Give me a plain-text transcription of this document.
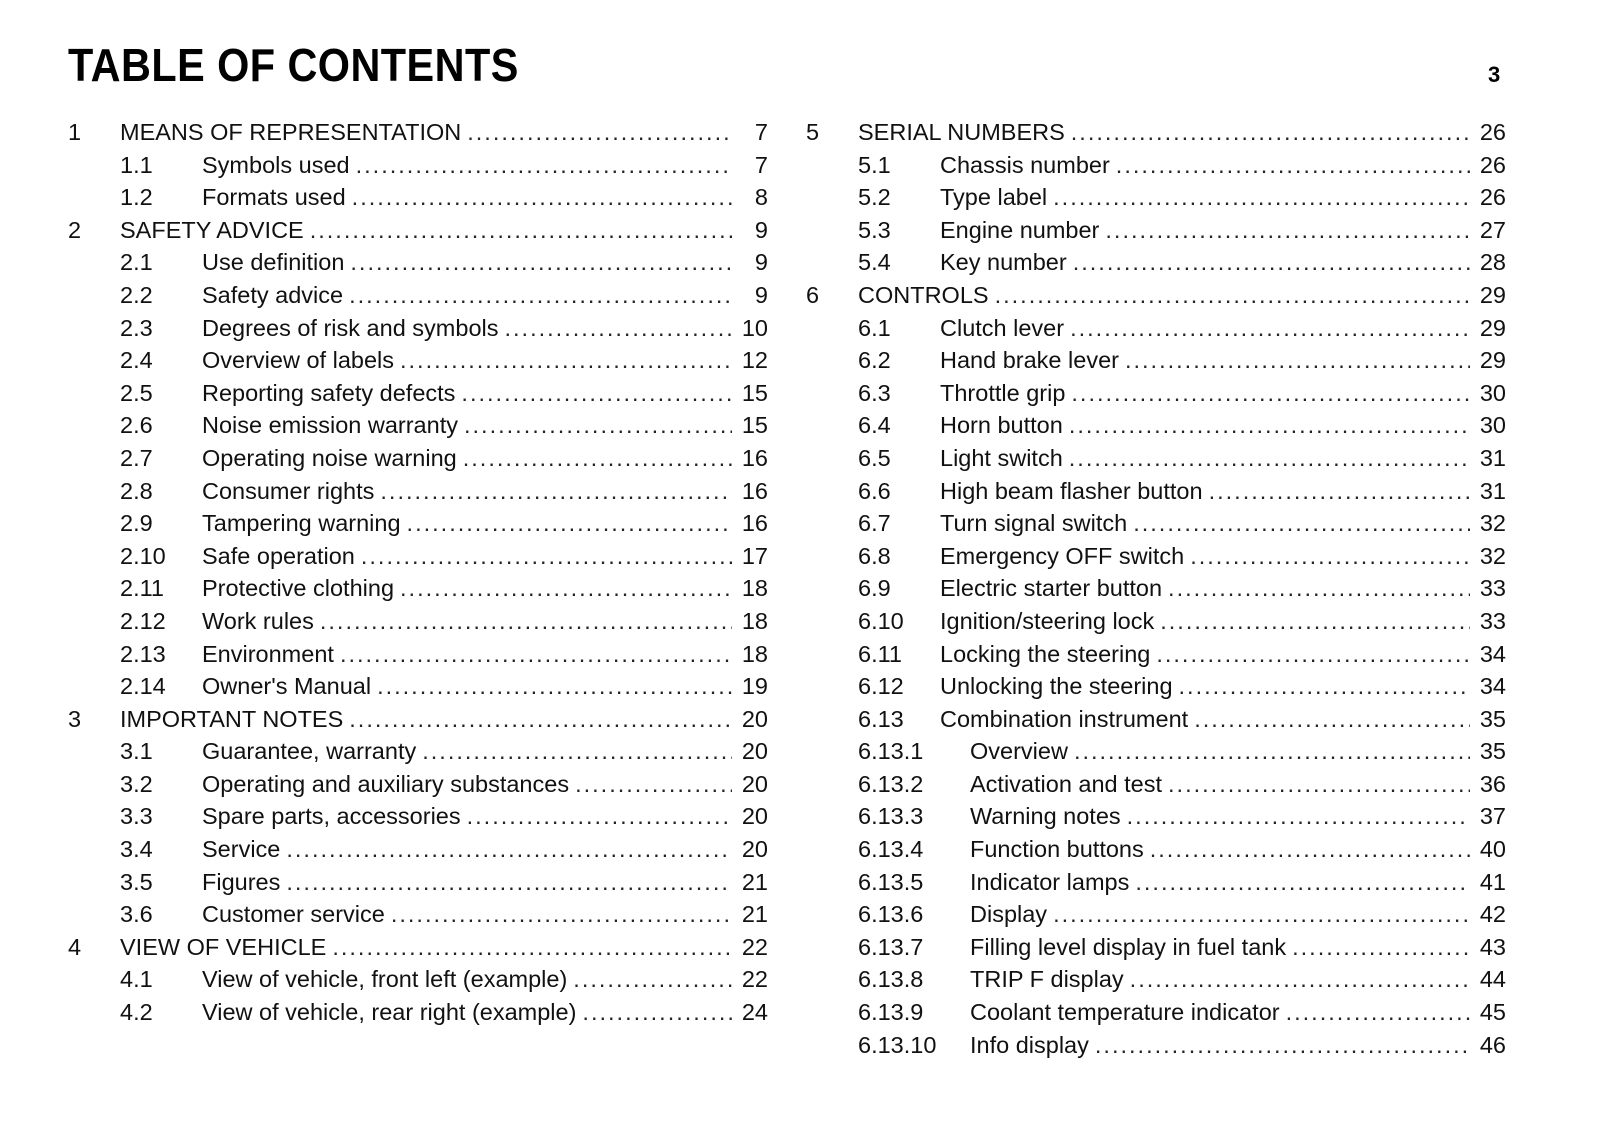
TABLE OF CONTENTS	3
1	MEANS OF REPRESENTATION .....	7
1.1	Symbols used .....	7
1.2	Formats used .....	8
2	SAFETY ADVICE .....	9
2.1	Use definition .....	9
2.2	Safety advice .....	9
2.3	Degrees of risk and symbols .....	10
2.4	Overview of labels .....	12
2.5	Reporting safety defects .....	15
2.6	Noise emission warranty .....	15
2.7	Operating noise warning .....	16
2.8	Consumer rights .....	16
2.9	Tampering warning .....	16
2.10	Safe operation .....	17
2.11	Protective clothing .....	18
2.12	Work rules .....	18
2.13	Environment .....	18
2.14	Owner's Manual .....	19
3	IMPORTANT NOTES .....	20
3.1	Guarantee, warranty .....	20
3.2	Operating and auxiliary substances .....	20
3.3	Spare parts, accessories .....	20
3.4	Service .....	20
3.5	Figures .....	21
3.6	Customer service .....	21
4	VIEW OF VEHICLE .....	22
4.1	View of vehicle, front left (example) .....	22
4.2	View of vehicle, rear right (example) .....	24
5	SERIAL NUMBERS .....	26
5.1	Chassis number .....	26
5.2	Type label .....	26
5.3	Engine number .....	27
5.4	Key number .....	28
6	CONTROLS .....	29
6.1	Clutch lever .....	29
6.2	Hand brake lever .....	29
6.3	Throttle grip .....	30
6.4	Horn button .....	30
6.5	Light switch .....	31
6.6	High beam flasher button .....	31
6.7	Turn signal switch .....	32
6.8	Emergency OFF switch .....	32
6.9	Electric starter button .....	33
6.10	Ignition/steering lock .....	33
6.11	Locking the steering .....	34
6.12	Unlocking the steering .....	34
6.13	Combination instrument .....	35
6.13.1	Overview .....	35
6.13.2	Activation and test .....	36
6.13.3	Warning notes .....	37
6.13.4	Function buttons .....	40
6.13.5	Indicator lamps .....	41
6.13.6	Display .....	42
6.13.7	Filling level display in fuel tank .....	43
6.13.8	TRIP F display .....	44
6.13.9	Coolant temperature indicator .....	45
6.13.10	Info display .....	46
